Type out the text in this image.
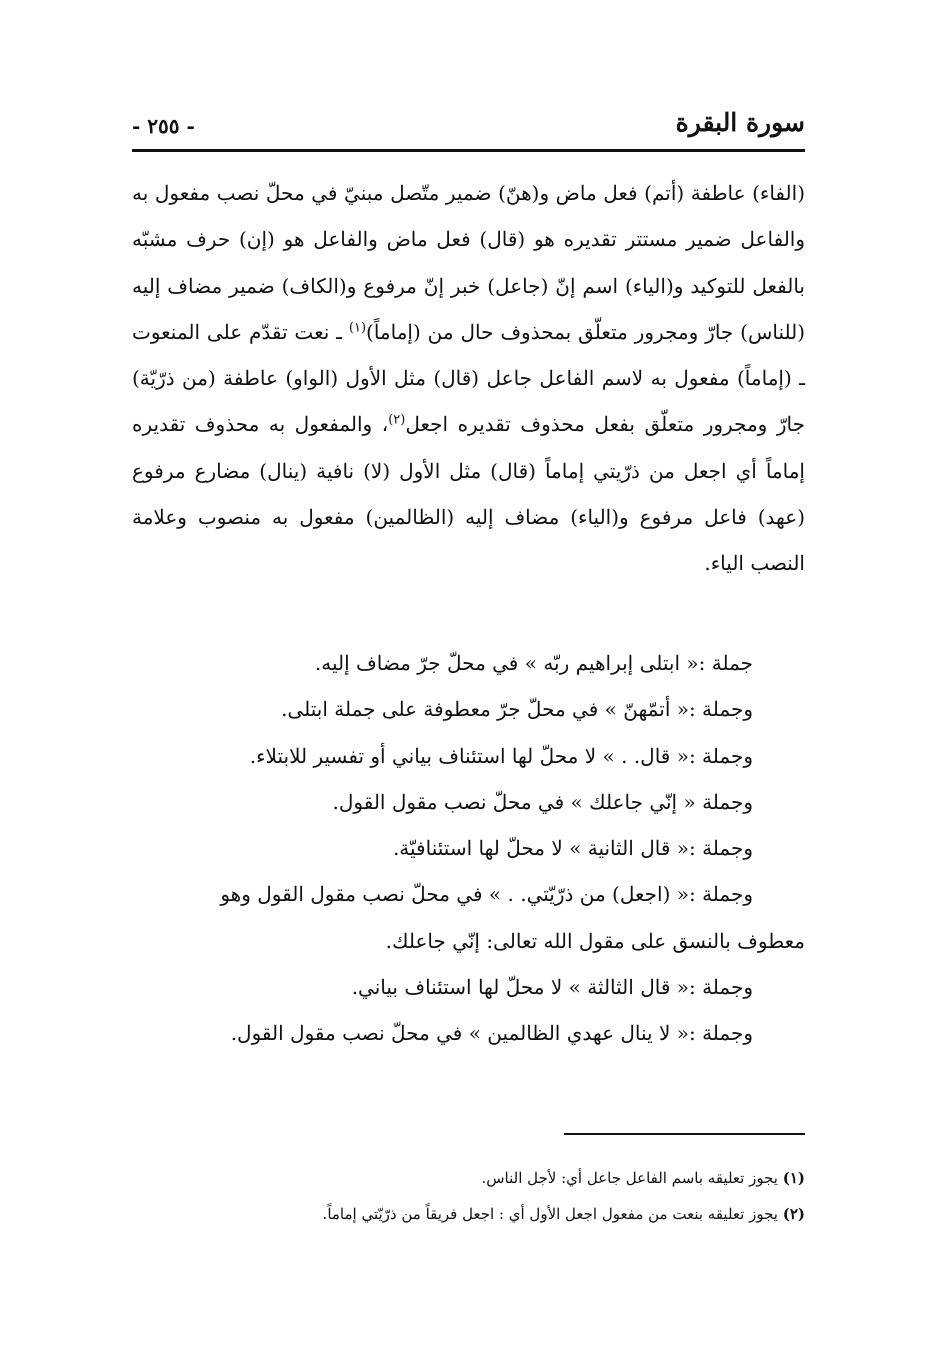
سورة البقرة
- ٢٥٥ -
(الفاء) عاطفة (أتم) فعل ماض و(هنّ) ضمير متّصل مبنيّ في محلّ نصب مفعول به والفاعل ضمير مستتر تقديره هو (قال) فعل ماض والفاعل هو (إن) حرف مشبّه بالفعل للتوكيد و(الياء) اسم إنّ (جاعل) خبر إنّ مرفوع و(الكاف) ضمير مضاف إليه (للناس) جارّ ومجرور متعلّق بمحذوف حال من (إماماً)$^{(١)}$ ـ نعت تقدّم على المنعوت ـ (إماماً) مفعول به لاسم الفاعل جاعل (قال) مثل الأول (الواو) عاطفة (من ذرّيّة) جارّ ومجرور متعلّق بفعل محذوف تقديره اجعل$^{(٢)}$، والمفعول به محذوف تقديره إماماً أي اجعل من ذرّيتي إماماً (قال) مثل الأول (لا) نافية (ينال) مضارع مرفوع (عهد) فاعل مرفوع و(الياء) مضاف إليه (الظالمين) مفعول به منصوب وعلامة النصب الياء.
جملة :« ابتلى إبراهيم ربّه » في محلّ جرّ مضاف إليه.
وجملة :« أتمّهنّ » في محلّ جرّ معطوفة على جملة ابتلى.
وجملة :« قال. . » لا محلّ لها استئناف بياني أو تفسير للابتلاء.
وجملة « إنّي جاعلك » في محلّ نصب مقول القول.
وجملة :« قال الثانية » لا محلّ لها استئنافيّة.
وجملة :« (اجعل) من ذرّيّتي. . » في محلّ نصب مقول القول وهو
معطوف بالنسق على مقول الله تعالى: إنّي جاعلك.
وجملة :« قال الثالثة » لا محلّ لها استئناف بياني.
وجملة :« لا ينال عهدي الظالمين » في محلّ نصب مقول القول.
(١) يجوز تعليقه باسم الفاعل جاعل أي: لأجل الناس.
(٢) يجوز تعليقه بنعت من مفعول اجعل الأول أي : اجعل فريقاً من ذرّيّتي إماماً.
